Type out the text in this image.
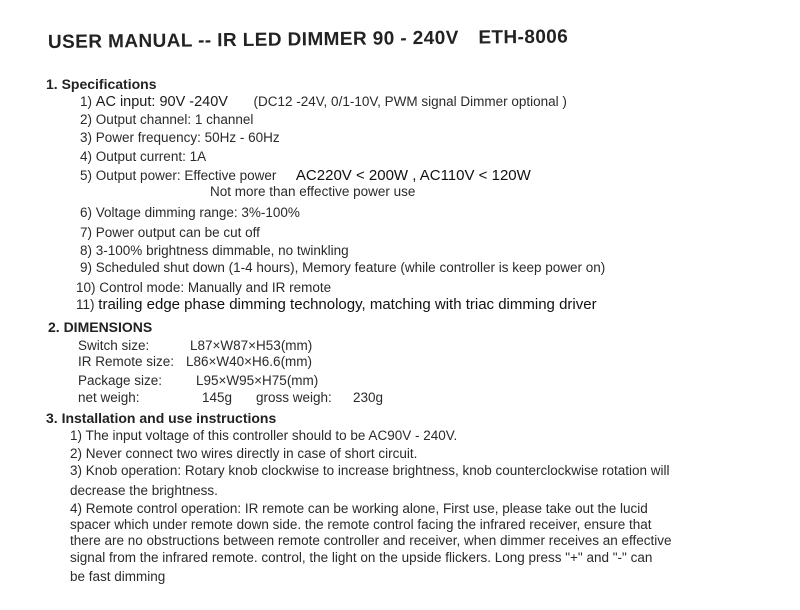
USER MANUAL -- IR LED DIMMER 90 - 240V ETH-8006
1. Specifications
1) AC input: 90V -240V (DC12 -24V, 0/1-10V, PWM signal Dimmer optional )
2) Output channel: 1 channel
3) Power frequency: 50Hz - 60Hz
4) Output current: 1A
5) Output power: Effective power AC220V < 200W , AC110V < 120W
Not more than effective power use
6) Voltage dimming range: 3%-100%
7) Power output can be cut off
8) 3-100% brightness dimmable, no twinkling
9) Scheduled shut down (1-4 hours), Memory feature (while controller is keep power on)
10) Control mode: Manually and IR remote
11) trailing edge phase dimming technology, matching with triac dimming driver
2. DIMENSIONS
Switch size:	L87×W87×H53(mm)
IR Remote size: L86×W40×H6.6(mm)
Package size:	L95×W95×H75(mm)
net weigh:	145g gross weigh: 230g
3. Installation and use instructions
1) The input voltage of this controller should to be AC90V - 240V.
2) Never connect two wires directly in case of short circuit.
3) Knob operation: Rotary knob clockwise to increase brightness, knob counterclockwise rotation will
decrease the brightness.
4) Remote control operation: IR remote can be working alone, First use, please take out the lucid
spacer which under remote down side. the remote control facing the infrared receiver, ensure that
there are no obstructions between remote controller and receiver, when dimmer receives an effective
signal from the infrared remote. control, the light on the upside flickers. Long press "+" and "-" can
be fast dimming
